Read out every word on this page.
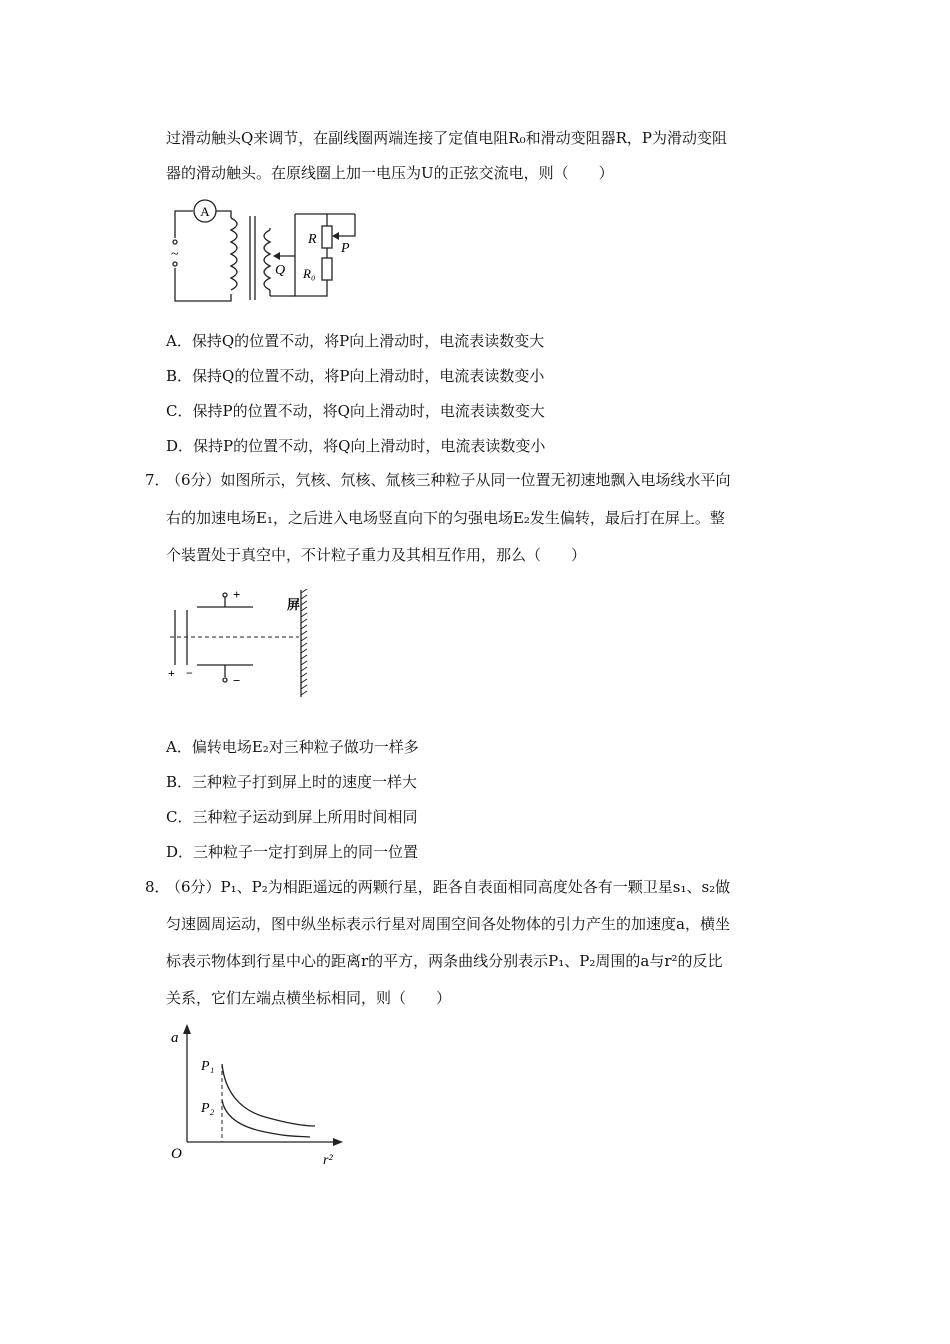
过滑动触头Q来调节，在副线圈两端连接了定值电阻R₀和滑动变阻器R，P为滑动变阻
器的滑动触头。在原线圈上加一电压为U的正弦交流电，则（　　）
A
~
R
P
Q R₀
A．保持Q的位置不动，将P向上滑动时，电流表读数变大
B．保持Q的位置不动，将P向上滑动时，电流表读数变小
C．保持P的位置不动，将Q向上滑动时，电流表读数变大
D．保持P的位置不动，将Q向上滑动时，电流表读数变小
7．
（6分）如图所示，氕核、氘核、氚核三种粒子从同一位置无初速地飘入电场线水平向
右的加速电场E₁，之后进入电场竖直向下的匀强电场E₂发生偏转，最后打在屏上。整
个装置处于真空中，不计粒子重力及其相互作用，那么（　　）
+
−
+ −
屏
A．偏转电场E₂对三种粒子做功一样多
B．三种粒子打到屏上时的速度一样大
C．三种粒子运动到屏上所用时间相同
D．三种粒子一定打到屏上的同一位置
8．
（6分）P₁、P₂为相距遥远的两颗行星，距各自表面相同高度处各有一颗卫星s₁、s₂做
匀速圆周运动，图中纵坐标表示行星对周围空间各处物体的引力产生的加速度a，横坐
标表示物体到行星中心的距离r的平方，两条曲线分别表示P₁、P₂周围的a与r²的反比
关系，它们左端点横坐标相同，则（　　）
a
r²
O
P₁
P₂
